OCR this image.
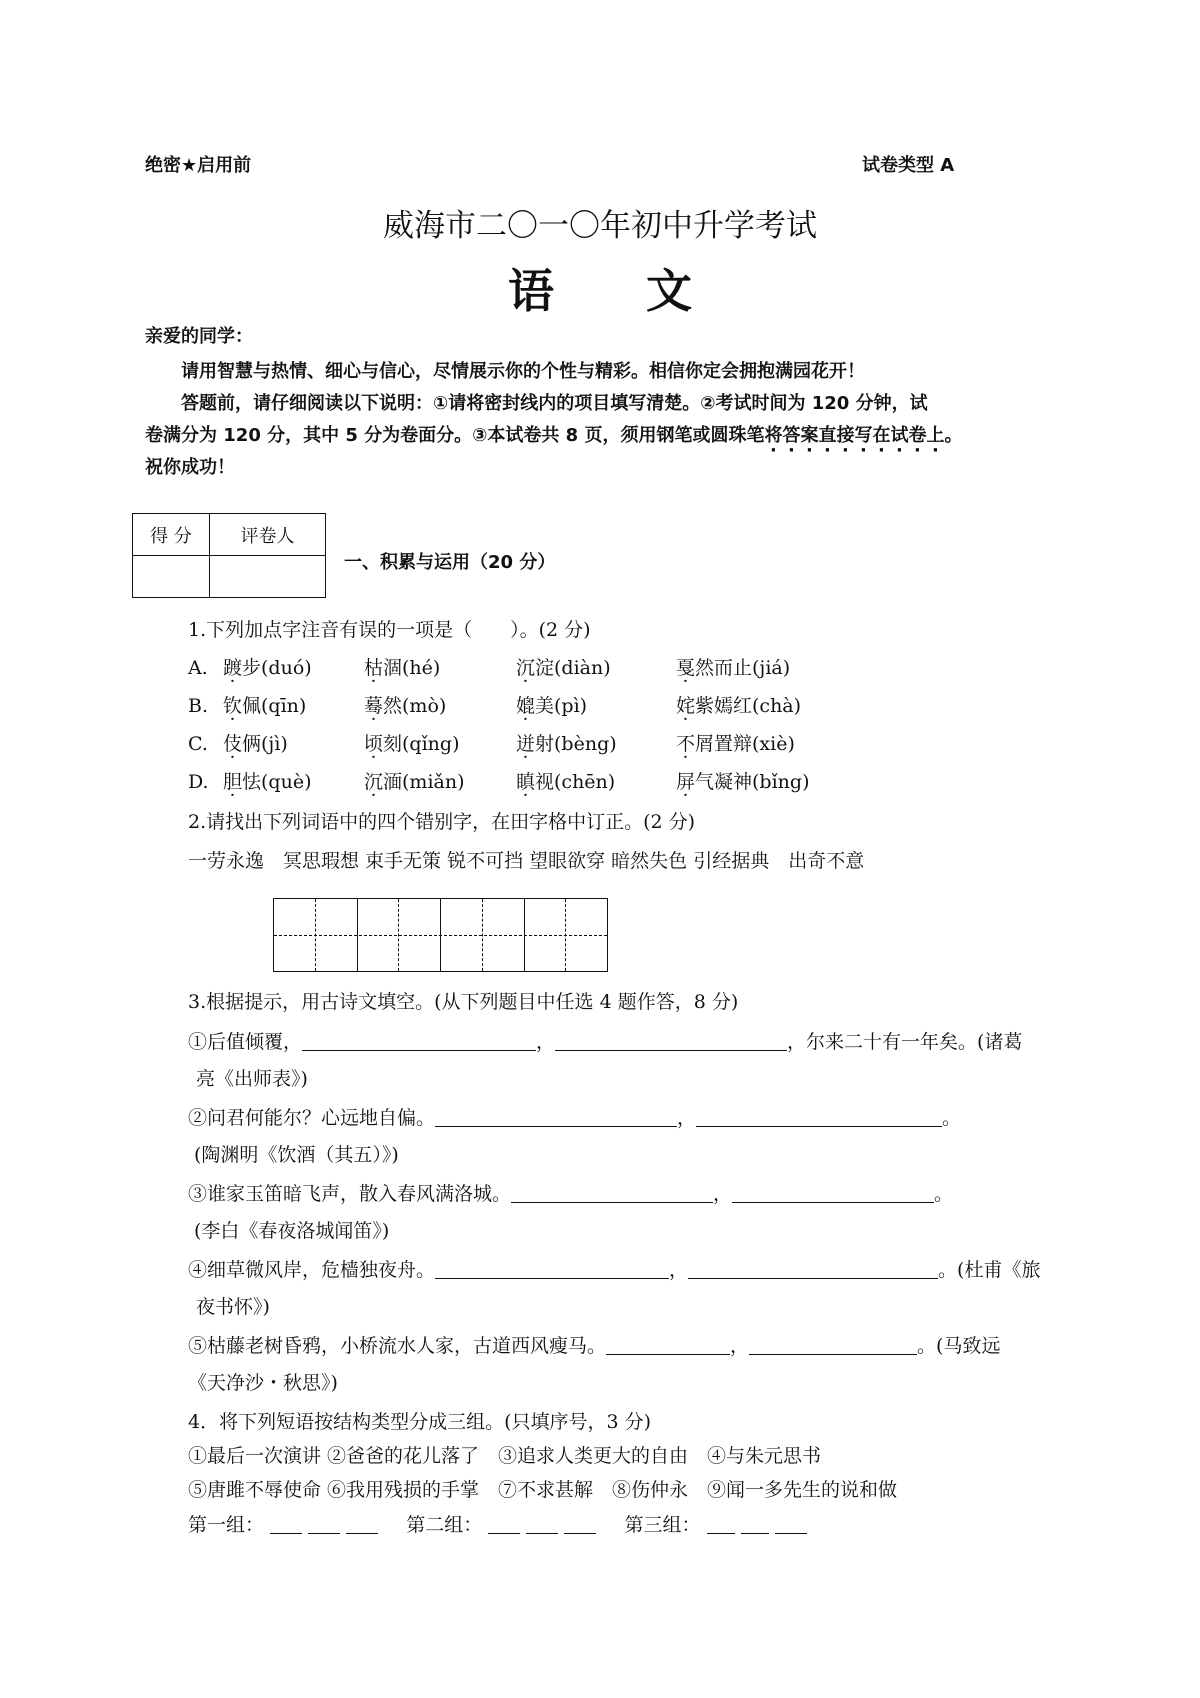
绝密★启用前	试卷类型 A
威海市二〇一〇年初中升学考试
语　　文
亲爱的同学：
请用智慧与热情、细心与信心，尽情展示你的个性与精彩。相信你定会拥抱满园花开！
答题前，请仔细阅读以下说明：①请将密封线内的项目填写清楚。②考试时间为 120 分钟，试
卷满分为 120 分，其中 5 分为卷面分。③本试卷共 8 页，须用钢笔或圆珠笔将答案直接写在试卷上。
祝你成功！
得 分	评卷人

一、积累与运用（20 分）
1.下列加点字注音有误的一项是（　　）。(2 分)
A. 踱步(duó)	枯涸(hé)	沉淀(diàn)	戛然而止(jiá)
B. 钦佩(qīn)	蓦然(mò)	媲美(pì)	姹紫嫣红(chà)
C. 伎俩(jì)	顷刻(qǐng)	迸射(bèng)	不屑置辩(xiè)
D. 胆怯(què)	沉湎(miǎn)	瞋视(chēn)	屏气凝神(bǐng)
2.请找出下列词语中的四个错别字，在田字格中订正。(2 分)
一劳永逸　冥思瑕想 束手无策 锐不可挡 望眼欲穿 暗然失色 引经据典　出奇不意
3.根据提示，用古诗文填空。(从下列题目中任选 4 题作答，8 分)
①后值倾覆，	，	，尔来二十有一年矣。(诸葛
亮《出师表》)
②问君何能尔？心远地自偏。	，	。
(陶渊明《饮酒（其五）》)
③谁家玉笛暗飞声，散入春风满洛城。	，	。
(李白《春夜洛城闻笛》)
④细草微风岸，危樯独夜舟。	，	。(杜甫《旅
夜书怀》)
⑤枯藤老树昏鸦，小桥流水人家，古道西风瘦马。	，	。(马致远
《天净沙・秋思》)
4．将下列短语按结构类型分成三组。(只填序号，3 分)
①最后一次演讲 ②爸爸的花儿落了　③追求人类更大的自由　④与朱元思书
⑤唐雎不辱使命 ⑥我用残损的手掌　⑦不求甚解　⑧伤仲永　⑨闻一多先生的说和做
第一组：	第二组：	第三组：
